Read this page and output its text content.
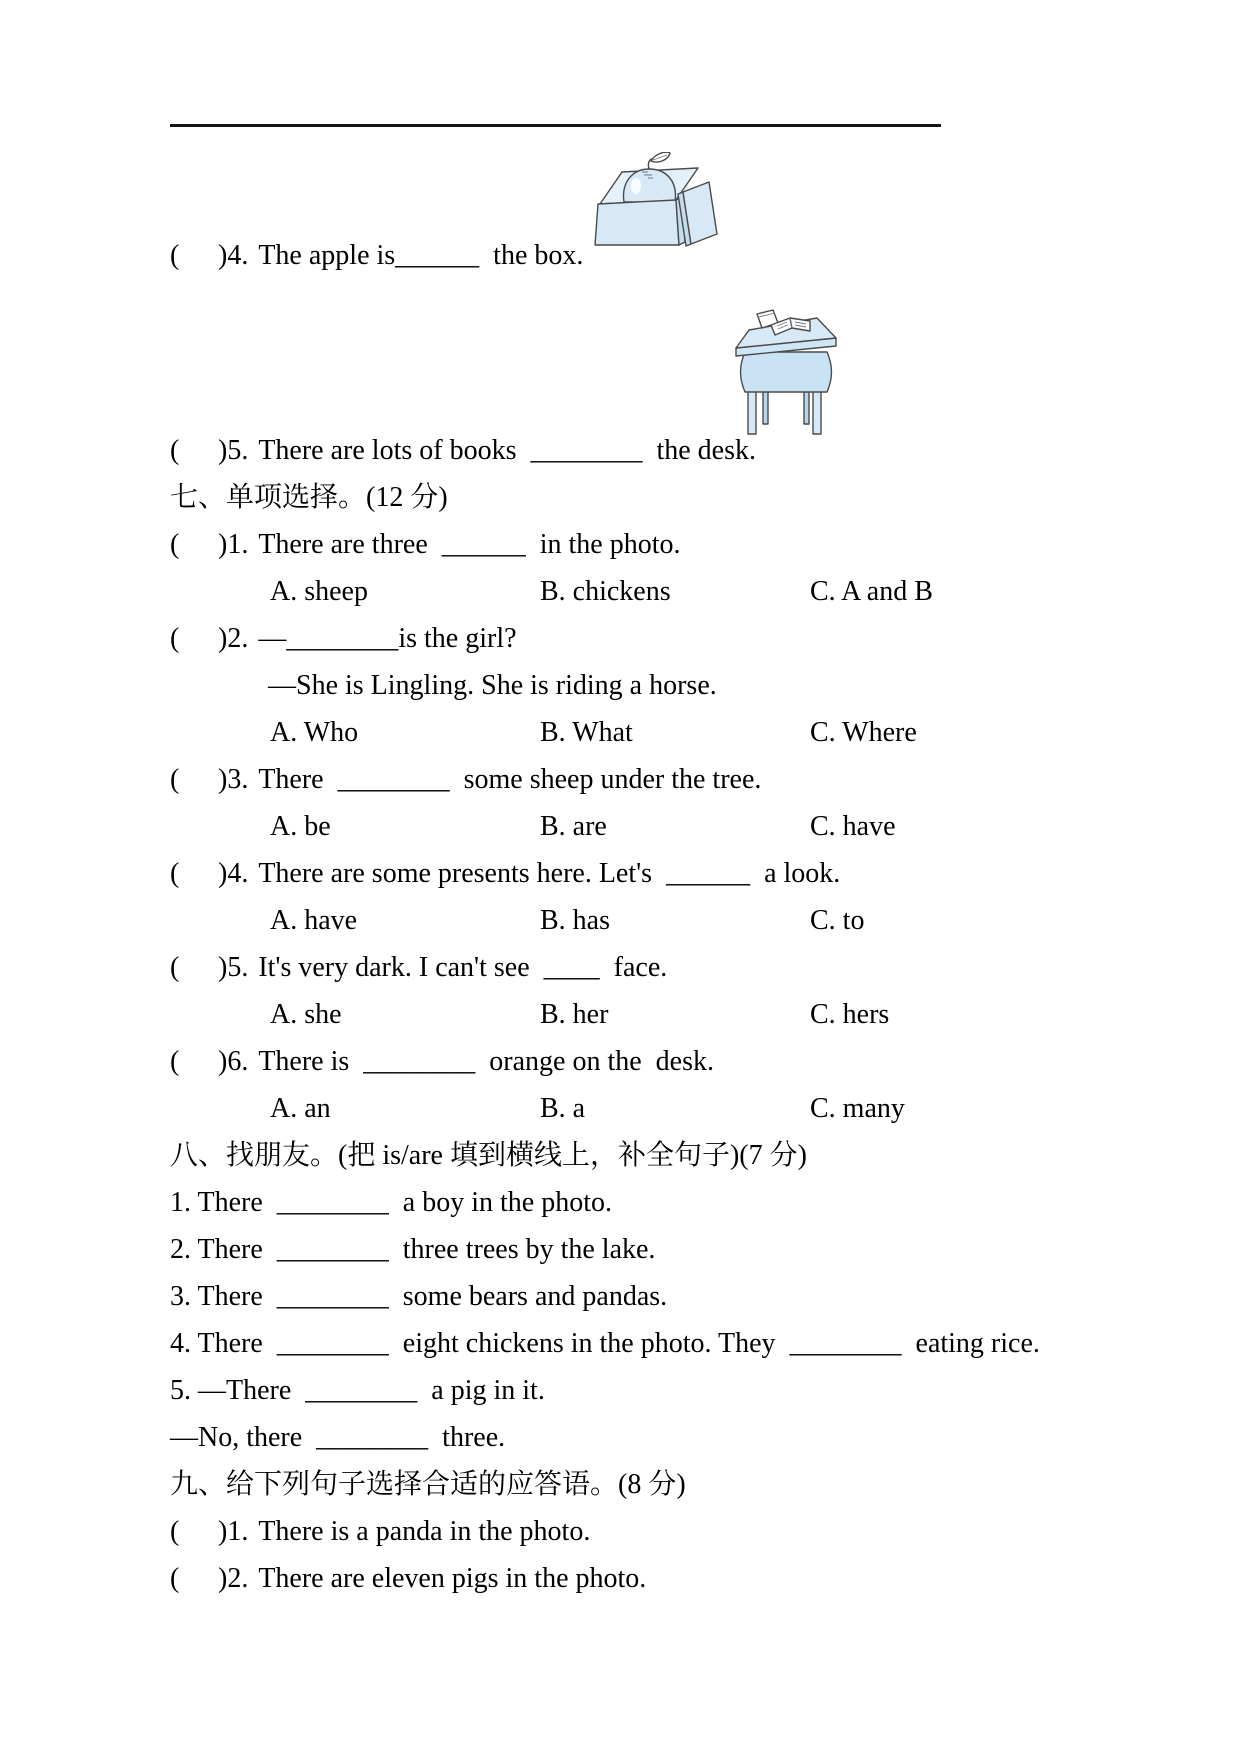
( )4. The apple is______  the box.
( )5. There are lots of books  ________  the desk.
七、单项选择。(12 分)
( )1. There are three  ______  in the photo.
A. sheep	B. chickens	C. A and B
( )2. —________is the girl?
—She is Lingling. She is riding a horse.
A. Who	B. What	C. Where
( )3. There  ________  some sheep under the tree.
A. be	B. are	C. have
( )4. There are some presents here. Let's  ______  a look.
A. have	B. has	C. to
( )5. It's very dark. I can't see  ____  face.
A. she	B. her	C. hers
( )6. There is  ________  orange on the  desk.
A. an	B. a	C. many
八、找朋友。(把 is/are 填到横线上，补全句子)(7 分)
1. There  ________  a boy in the photo.
2. There  ________  three trees by the lake.
3. There  ________  some bears and pandas.
4. There  ________  eight chickens in the photo. They  ________  eating rice.
5. —There  ________  a pig in it.
—No, there  ________  three.
九、给下列句子选择合适的应答语。(8 分)
( )1. There is a panda in the photo.
( )2. There are eleven pigs in the photo.
